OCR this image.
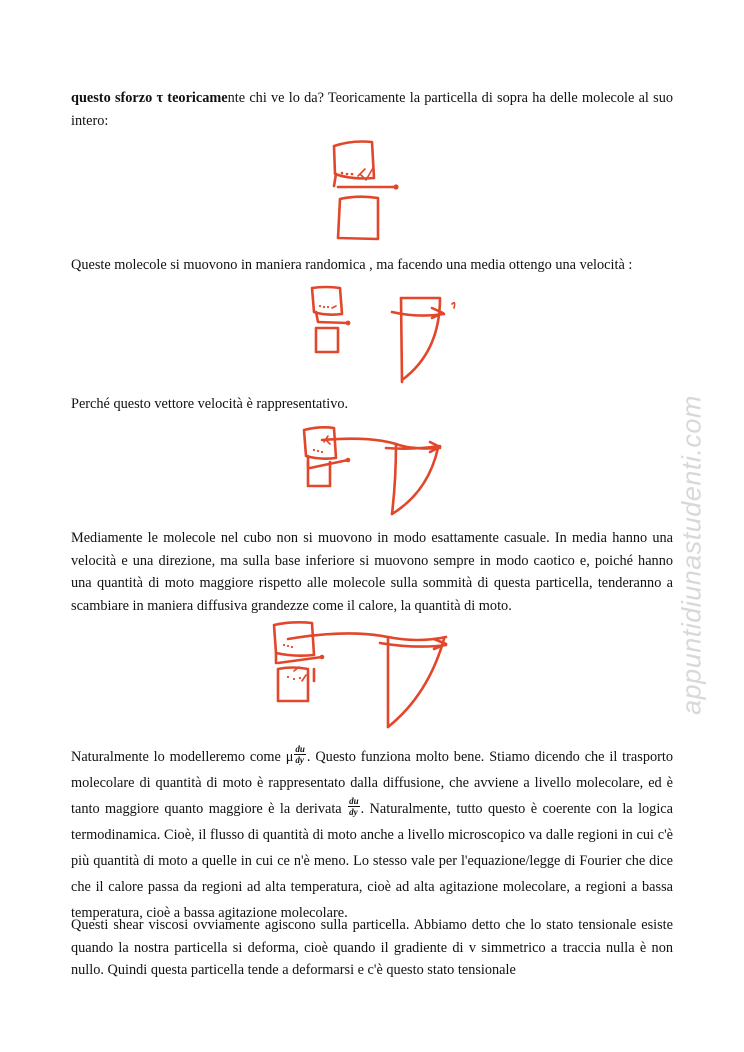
questo sforzo τ teoricamente chi ve lo da? Teoricamente la particella di sopra ha delle molecole al suo intero:

Queste molecole si muovono in maniera randomica , ma facendo una media ottengo una velocità :

Perché questo vettore velocità è rappresentativo.

Mediamente le molecole nel cubo non si muovono in modo esattamente casuale. In media hanno una velocità e una direzione, ma sulla base inferiore si muovono sempre in modo caotico e, poiché hanno una quantità di moto maggiore rispetto alle molecole sulla sommità di questa particella, tenderanno a scambiare in maniera diffusiva grandezze come il calore, la quantità di moto.

Naturalmente lo modelleremo come μ $\frac{du}{dy}$ . Questo funziona molto bene. Stiamo dicendo che il trasporto molecolare di quantità di moto è rappresentato dalla diffusione, che avviene a livello molecolare, ed è tanto maggiore quanto maggiore è la derivata $\frac{du}{dy}$ . Naturalmente, tutto questo è coerente con la logica termodinamica. Cioè, il flusso di quantità di moto anche a livello microscopico va dalle regioni in cui c'è più quantità di moto a quelle in cui ce n'è meno. Lo stesso vale per l'equazione/legge di Fourier che dice che il calore passa da regioni ad alta temperatura, cioè ad alta agitazione molecolare, a regioni a bassa temperatura, cioè a bassa agitazione molecolare.

Questi shear viscosi ovviamente agiscono sulla particella. Abbiamo detto che lo stato tensionale esiste quando la nostra particella si deforma, cioè quando il gradiente di v simmetrico a traccia nulla è non nullo. Quindi questa particella tende a deformarsi e c'è questo stato tensionale

appuntidiunastudenti.com
